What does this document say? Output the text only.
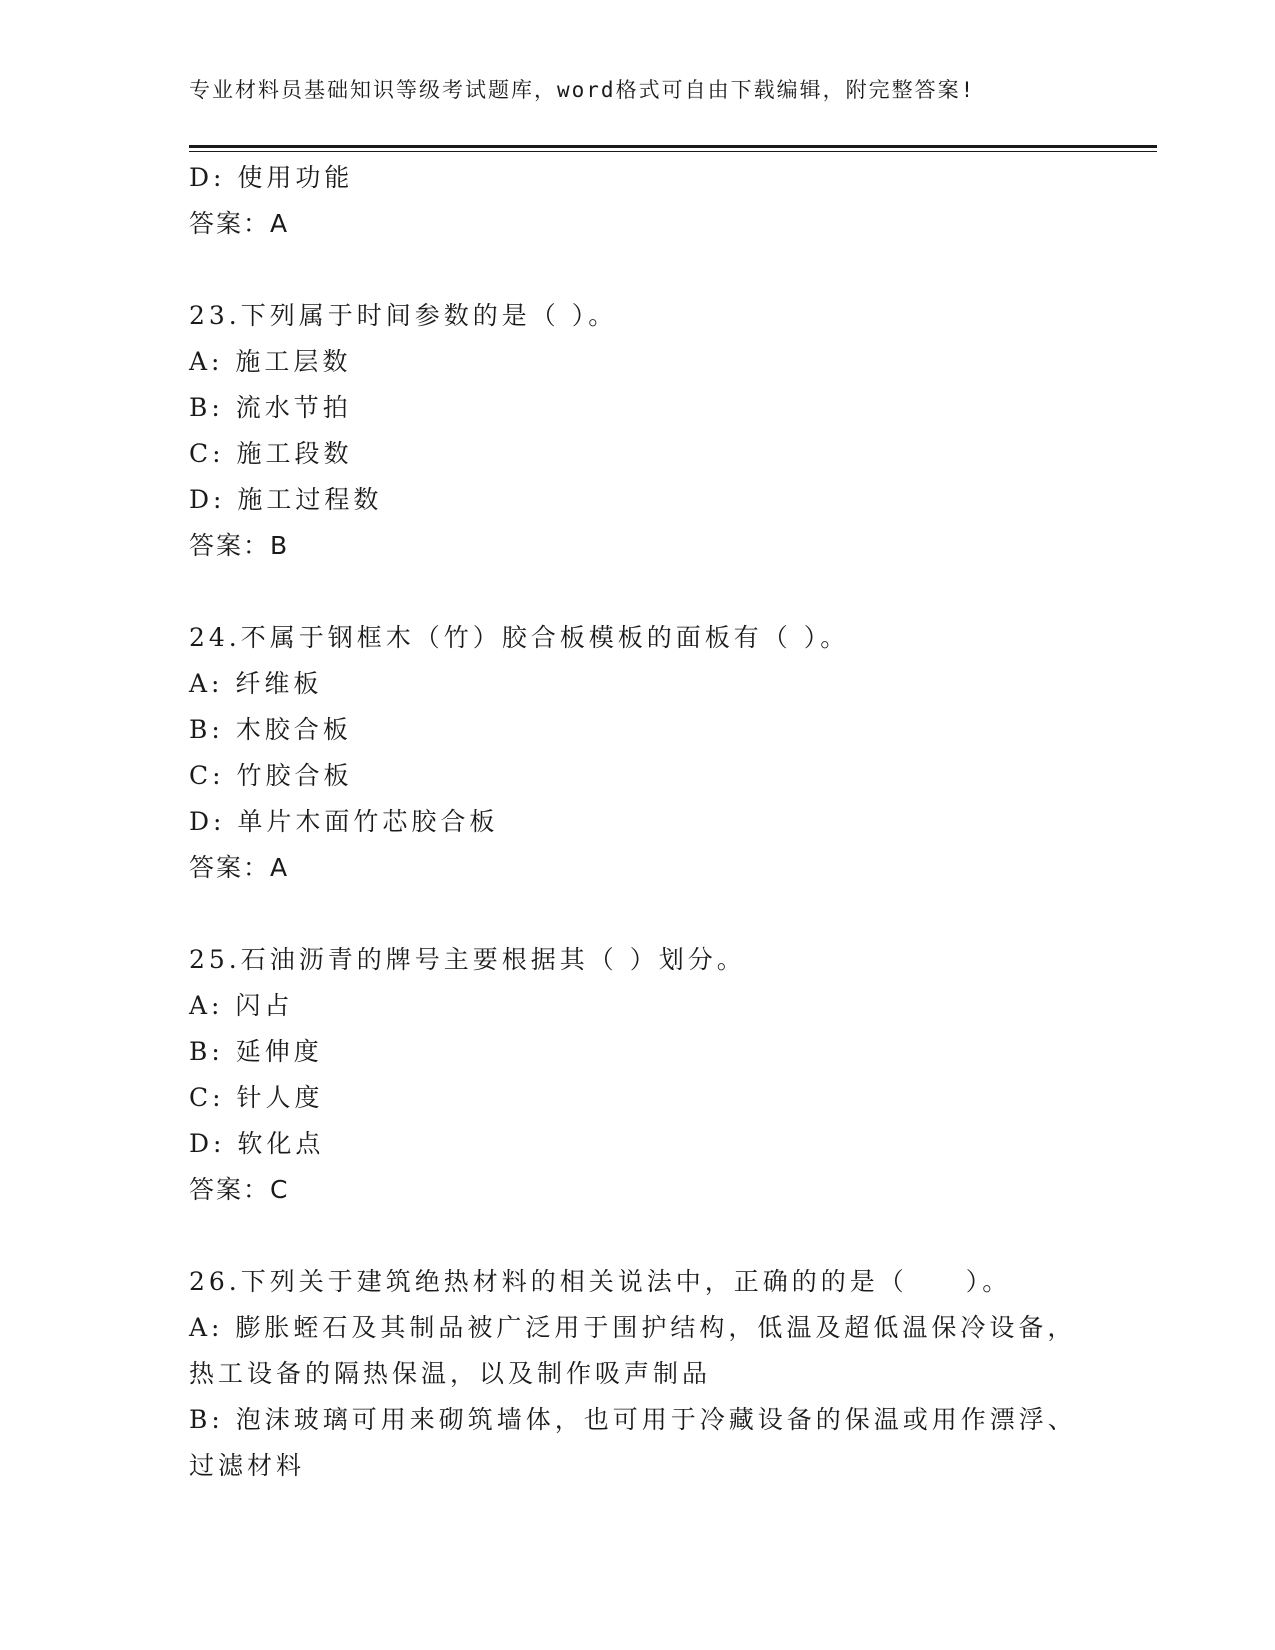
专业材料员基础知识等级考试题库，word格式可自由下载编辑，附完整答案!
D: 使用功能
答案：A
23.下列属于时间参数的是（ ）。
A: 施工层数
B: 流水节拍
C: 施工段数
D: 施工过程数
答案：B
24.不属于钢框木（竹）胶合板模板的面板有（ ）。
A: 纤维板
B: 木胶合板
C: 竹胶合板
D: 单片木面竹芯胶合板
答案：A
25.石油沥青的牌号主要根据其（ ）划分。
A: 闪占
B: 延伸度
C: 针人度
D: 软化点
答案：C
26.下列关于建筑绝热材料的相关说法中，正确的的是（　　）。
A: 膨胀蛭石及其制品被广泛用于围护结构，低温及超低温保冷设备，
热工设备的隔热保温，以及制作吸声制品
B: 泡沫玻璃可用来砌筑墙体，也可用于冷藏设备的保温或用作漂浮、
过滤材料
